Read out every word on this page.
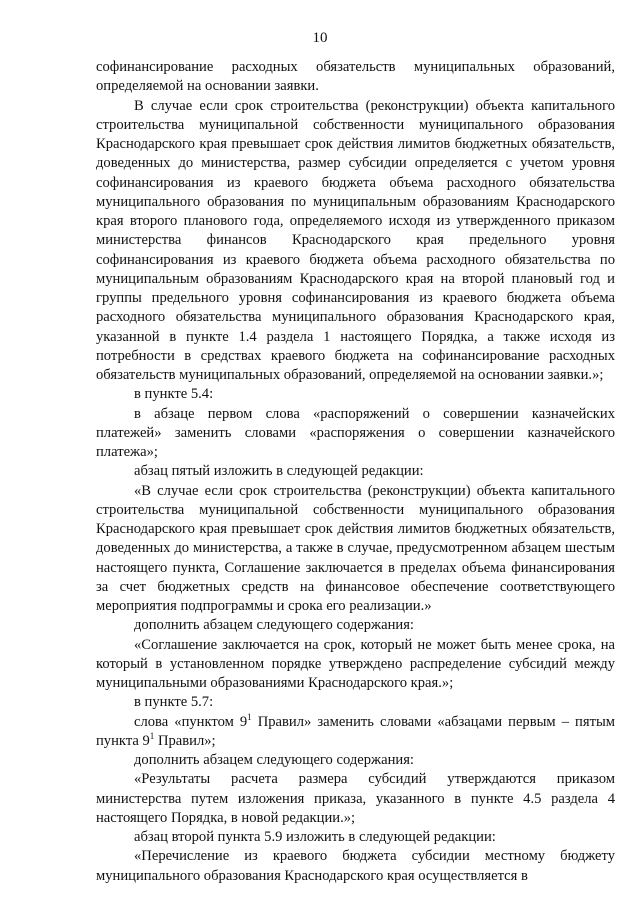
10

софинансирование расходных обязательств муниципальных образований, определяемой на основании заявки.

В случае если срок строительства (реконструкции) объекта капитального строительства муниципальной собственности муниципального образования Краснодарского края превышает срок действия лимитов бюджетных обязательств, доведенных до министерства, размер субсидии определяется с учетом уровня софинансирования из краевого бюджета объема расходного обязательства муниципального образования по муниципальным образованиям Краснодарского края второго планового года, определяемого исходя из утвержденного приказом министерства финансов Краснодарского края предельного уровня софинансирования из краевого бюджета объема расходного обязательства по муниципальным образованиям Краснодарского края на второй плановый год и группы предельного уровня софинансирования из краевого бюджета объема расходного обязательства муниципального образования Краснодарского края, указанной в пункте 1.4 раздела 1 настоящего Порядка, а также исходя из потребности в средствах краевого бюджета на софинансирование расходных обязательств муниципальных образований, определяемой на основании заявки.»;

в пункте 5.4:

в абзаце первом слова «распоряжений о совершении казначейских платежей» заменить словами «распоряжения о совершении казначейского платежа»;

абзац пятый изложить в следующей редакции:

«В случае если срок строительства (реконструкции) объекта капитального строительства муниципальной собственности муниципального образования Краснодарского края превышает срок действия лимитов бюджетных обязательств, доведенных до министерства, а также в случае, предусмотренном абзацем шестым настоящего пункта, Соглашение заключается в пределах объема финансирования за счет бюджетных средств на финансовое обеспечение соответствующего мероприятия подпрограммы и срока его реализации.»

дополнить абзацем следующего содержания:

«Соглашение заключается на срок, который не может быть менее срока, на который в установленном порядке утверждено распределение субсидий между муниципальными образованиями Краснодарского края.»;

в пункте 5.7:

слова «пунктом $9^1$ Правил» заменить словами «абзацами первым – пятым пункта $9^1$ Правил»;

дополнить абзацем следующего содержания:

«Результаты расчета размера субсидий утверждаются приказом министерства путем изложения приказа, указанного в пункте 4.5 раздела 4 настоящего Порядка, в новой редакции.»;

абзац второй пункта 5.9 изложить в следующей редакции:

«Перечисление из краевого бюджета субсидии местному бюджету муниципального образования Краснодарского края осуществляется в
